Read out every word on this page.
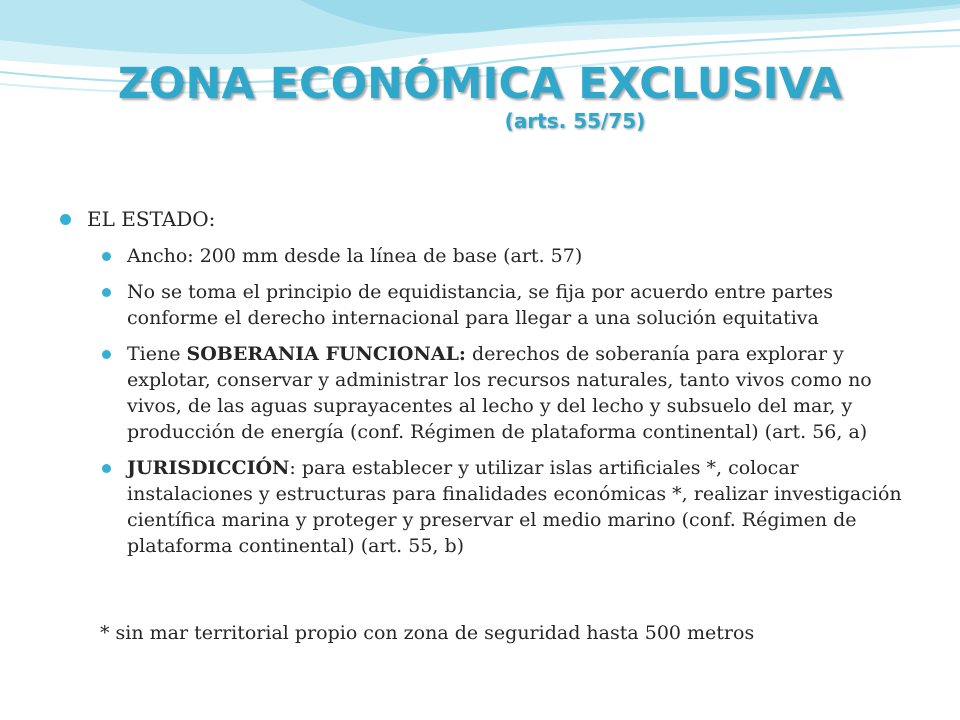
ZONA ECONÓMICA EXCLUSIVA
(arts. 55/75)
EL ESTADO:
Ancho: 200 mm desde la línea de base (art. 57)
No se toma el principio de equidistancia, se fija por acuerdo entre partes conforme el derecho internacional para llegar a una solución equitativa
Tiene SOBERANIA FUNCIONAL: derechos de soberanía para explorar y explotar, conservar y administrar los recursos naturales, tanto vivos como no vivos, de las aguas suprayacentes al lecho y del lecho y subsuelo del mar, y producción de energía (conf. Régimen de plataforma continental) (art. 56, a)
JURISDICCIÓN: para establecer y utilizar islas artificiales *, colocar instalaciones y estructuras para finalidades económicas *, realizar investigación científica marina y proteger y preservar el medio marino (conf. Régimen de plataforma continental) (art. 55, b)
* sin mar territorial propio con zona de seguridad hasta 500 metros
